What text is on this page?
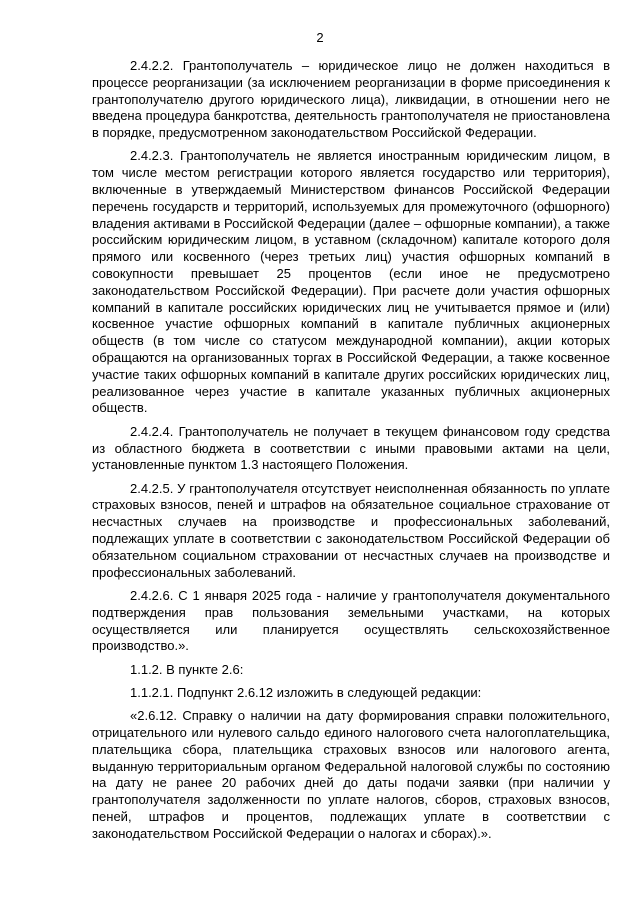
2

2.4.2.2. Грантополучатель – юридическое лицо не должен находиться в процессе реорганизации (за исключением реорганизации в форме присоединения к грантополучателю другого юридического лица), ликвидации, в отношении него не введена процедура банкротства, деятельность грантополучателя не приостановлена в порядке, предусмотренном законодательством Российской Федерации.

2.4.2.3. Грантополучатель не является иностранным юридическим лицом, в том числе местом регистрации которого является государство или территория), включенные в утверждаемый Министерством финансов Российской Федерации перечень государств и территорий, используемых для промежуточного (офшорного) владения активами в Российской Федерации (далее – офшорные компании), а также российским юридическим лицом, в уставном (складочном) капитале которого доля прямого или косвенного (через третьих лиц) участия офшорных компаний в совокупности превышает 25 процентов (если иное не предусмотрено законодательством Российской Федерации). При расчете доли участия офшорных компаний в капитале российских юридических лиц не учитывается прямое и (или) косвенное участие офшорных компаний в капитале публичных акционерных обществ (в том числе со статусом международной компании), акции которых обращаются на организованных торгах в Российской Федерации, а также косвенное участие таких офшорных компаний в капитале других российских юридических лиц, реализованное через участие в капитале указанных публичных акционерных обществ.

2.4.2.4. Грантополучатель не получает в текущем финансовом году средства из областного бюджета в соответствии с иными правовыми актами на цели, установленные пунктом 1.3 настоящего Положения.

2.4.2.5. У грантополучателя отсутствует неисполненная обязанность по уплате страховых взносов, пеней и штрафов на обязательное социальное страхование от несчастных случаев на производстве и профессиональных заболеваний, подлежащих уплате в соответствии с законодательством Российской Федерации об обязательном социальном страховании от несчастных случаев на производстве и профессиональных заболеваний.

2.4.2.6. С 1 января 2025 года - наличие у грантополучателя документального подтверждения прав пользования земельными участками, на которых осуществляется или планируется осуществлять сельскохозяйственное производство.».

1.1.2. В пункте 2.6:

1.1.2.1. Подпункт 2.6.12 изложить в следующей редакции:

«2.6.12. Справку о наличии на дату формирования справки положительного, отрицательного или нулевого сальдо единого налогового счета налогоплательщика, плательщика сбора, плательщика страховых взносов или налогового агента, выданную территориальным органом Федеральной налоговой службы по состоянию на дату не ранее 20 рабочих дней до даты подачи заявки (при наличии у грантополучателя задолженности по уплате налогов, сборов, страховых взносов, пеней, штрафов и процентов, подлежащих уплате в соответствии с законодательством Российской Федерации о налогах и сборах).».
